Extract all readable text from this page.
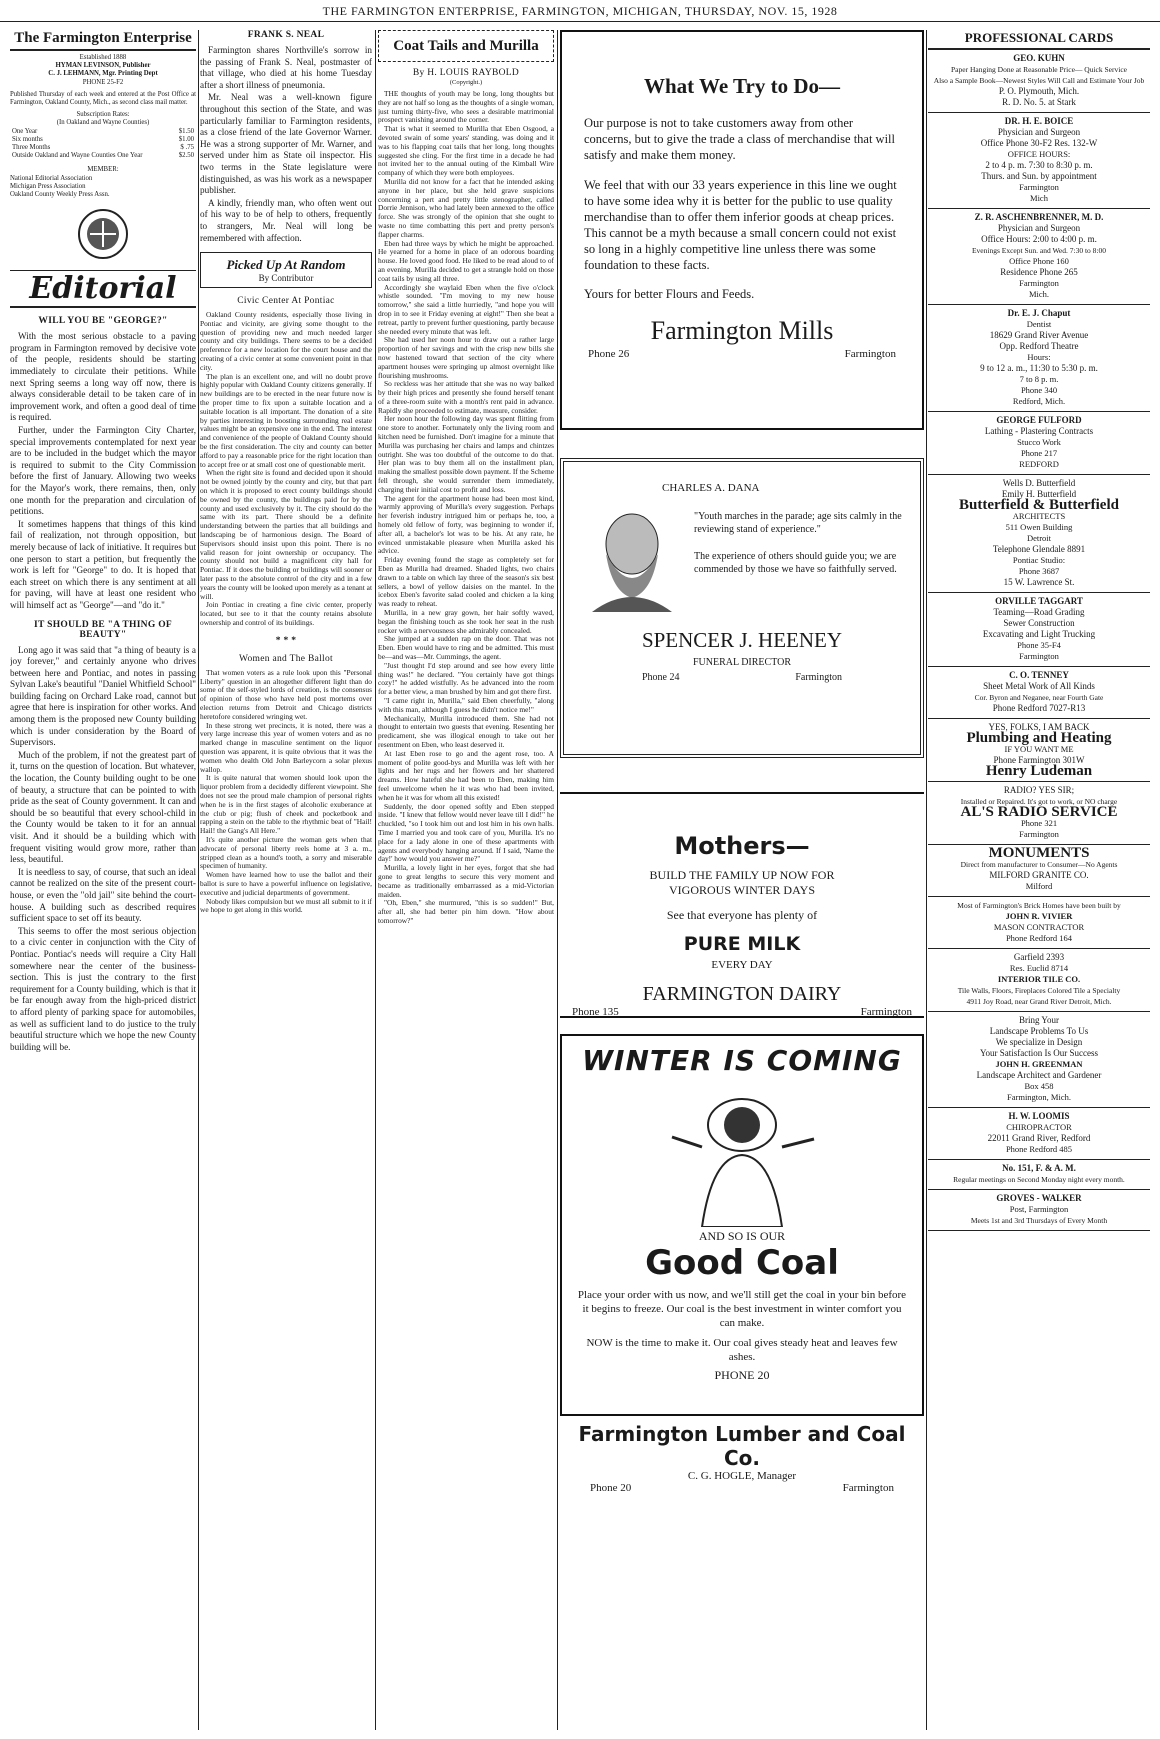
THE FARMINGTON ENTERPRISE, FARMINGTON, MICHIGAN, THURSDAY, NOV. 15, 1928
The Farmington Enterprise
Established 1888
HYMAN LEVINSON, Publisher
C. J. LEHMANN, Mgr. Printing Dept
PHONE 25-F2
Published Thursday of each week and entered at the Post Office at Farmington, Oakland County, Mich., as second class mail matter.
Subscription Rates:
(In Oakland and Wayne Counties)
One Year	$1.50
Six months	$1.00
Three Months	$ .75
Outside Oakland and Wayne Counties One Year	$2.50
MEMBER:
National Editorial Association
Michigan Press Association
Oakland County Weekly Press Assn.
Editorial
WILL YOU BE "GEORGE?"
With the most serious obstacle to a paving program in Farmington removed by decisive vote of the people, residents should be starting immediately to circulate their petitions. While next Spring seems a long way off now, there is always considerable detail to be taken care of in improvement work, and often a good deal of time is required.
Further, under the Farmington City Charter, special improvements contemplated for next year are to be included in the budget which the mayor is required to submit to the City Commission before the first of January. Allowing two weeks for the Mayor's work, there remains, then, only one month for the preparation and circulation of petitions.
It sometimes happens that things of this kind fail of realization, not through opposition, but merely because of lack of initiative. It requires but one person to start a petition, but frequently the work is left for "George" to do. It is hoped that each street on which there is any sentiment at all for paving, will have at least one resident who will himself act as "George"—and "do it."
IT SHOULD BE "A THING OF BEAUTY"
Long ago it was said that "a thing of beauty is a joy forever," and certainly anyone who drives between here and Pontiac, and notes in passing Sylvan Lake's beautiful "Daniel Whitfield School" building facing on Orchard Lake road, cannot but agree that here is inspiration for other works. And among them is the proposed new County building which is under consideration by the Board of Supervisors.
Much of the problem, if not the greatest part of it, turns on the question of location. But whatever, the location, the County building ought to be one of beauty, a structure that can be pointed to with pride as the seat of County government. It can and should be so beautiful that every school-child in the County would be taken to it for an annual visit. And it should be a building which with frequent visiting would grow more, rather than less, beautiful.
It is needless to say, of course, that such an ideal cannot be realized on the site of the present court-house, or even the "old jail" site behind the court-house. A building such as described requires sufficient space to set off its beauty.
This seems to offer the most serious objection to a civic center in conjunction with the City of Pontiac. Pontiac's needs will require a City Hall somewhere near the center of the business-section. This is just the contrary to the first requirement for a County building, which is that it be far enough away from the high-priced district to afford plenty of parking space for automobiles, as well as sufficient land to do justice to the truly beautiful structure which we hope the new County building will be.
FRANK S. NEAL
Farmington shares Northville's sorrow in the passing of Frank S. Neal, postmaster of that village, who died at his home Tuesday after a short illness of pneumonia.
Mr. Neal was a well-known figure throughout this section of the State, and was particularly familiar to Farmington residents, as a close friend of the late Governor Warner. He was a strong supporter of Mr. Warner, and served under him as State oil inspector. His two terms in the State legislature were distinguished, as was his work as a newspaper publisher.
A kindly, friendly man, who often went out of his way to be of help to others, frequently to strangers, Mr. Neal will long be remembered with affection.
Picked Up At Random
By Contributor
Civic Center At Pontiac
Oakland County residents, especially those living in Pontiac and vicinity, are giving some thought to the question of providing new and much needed larger county and city buildings. There seems to be a decided preference for a new location for the court house and the creating of a civic center at some convenient point in that city.
The plan is an excellent one, and will no doubt prove highly popular with Oakland County citizens generally. If new buildings are to be erected in the near future now is the proper time to fix upon a suitable location and a suitable location is all important. The donation of a site by parties interesting in boosting surrounding real estate values might be an expensive one in the end. The interest and convenience of the people of Oakland County should be the first consideration. The city and county can better afford to pay a reasonable price for the right location than to accept free or at small cost one of questionable merit.
When the right site is found and decided upon it should not be owned jointly by the county and city, but that part on which it is proposed to erect county buildings should be owned by the county, the buildings paid for by the county and used exclusively by it. The city should do the same with its part. There should be a definite understanding between the parties that all buildings and landscaping be of harmonious design. The Board of Supervisors should insist upon this point. There is no valid reason for joint ownership or occupancy. The county should not build a magnificent city hall for Pontiac. If it does the building or buildings will sooner or later pass to the absolute control of the city and in a few years the county will be looked upon merely as a tenant at will.
Join Pontiac in creating a fine civic center, properly located, but see to it that the county retains absolute ownership and control of its buildings.
* * *
Women and The Ballot
That women voters as a rule look upon this "Personal Liberty" question in an altogether different light than do some of the self-styled lords of creation, is the consensus of opinion of those who have held post mortems over election returns from Detroit and Chicago districts heretofore considered wringing wet.
In these strong wet precincts, it is noted, there was a very large increase this year of women voters and as no marked change in masculine sentiment on the liquor question was apparent, it is quite obvious that it was the women who dealth Old John Barleycorn a solar plexus wallop.
It is quite natural that women should look upon the liquor problem from a decidedly different viewpoint. She does not see the proud male champion of personal rights when he is in the first stages of alcoholic exuberance at the club or pig; flush of cheek and pocketbook and rapping a stein on the table to the rhythmic beat of "Hail! Hail! the Gang's All Here."
It's quite another picture the woman gets when that advocate of personal liberty reels home at 3 a. m., stripped clean as a hound's tooth, a sorry and miserable specimen of humanity.
Women have learned how to use the ballot and their ballot is sure to have a powerful influence on legislative, executive and judicial departments of government.
Nobody likes compulsion but we must all submit to it if we hope to get along in this world.
Coat Tails and Murilla
By H. LOUIS RAYBOLD
(Copyright.)
THE thoughts of youth may be long, long thoughts but they are not half so long as the thoughts of a single woman, just turning thirty-five, who sees a desirable matrimonial prospect vanishing around the corner.
That is what it seemed to Murilla that Eben Osgood, a devoted swain of some years' standing, was doing and it was to his flapping coat tails that her long, long thoughts suggested she cling. For the first time in a decade he had not invited her to the annual outing of the Kimball Wire company of which they were both employees.
Murilla did not know for a fact that he intended asking anyone in her place, but she held grave suspicions concerning a pert and pretty little stenographer, called Dorrie Jennison, who had lately been annexed to the office force. She was strongly of the opinion that she ought to waste no time combatting this pert and pretty person's flapper charms.
Eben had three ways by which he might be approached. He yearned for a home in place of an odorous boarding house. He loved good food. He liked to be read aloud to of an evening. Murilla decided to get a strangle hold on those coat tails by using all three.
Accordingly she waylaid Eben when the five o'clock whistle sounded. "I'm moving to my new house tomorrow," she said a little hurriedly, "and hope you will drop in to see it Friday evening at eight!" Then she beat a retreat, partly to prevent further questioning, partly because she needed every minute that was left.
She had used her noon hour to draw out a rather large proportion of her savings and with the crisp new bills she now hastened toward that section of the city where apartment houses were springing up almost overnight like flourishing mushrooms.
So reckless was her attitude that she was no way balked by their high prices and presently she found herself tenant of a three-room suite with a month's rent paid in advance. Rapidly she proceeded to estimate, measure, consider.
Her noon hour the following day was spent flitting from one store to another. Fortunately only the living room and kitchen need be furnished. Don't imagine for a minute that Murilla was purchasing her chairs and lamps and chintzes outright. She was too doubtful of the outcome to do that. Her plan was to buy them all on the installment plan, making the smallest possible down payment. If the Scheme fell through, she would surrender them immediately, charging their initial cost to profit and loss.
The agent for the apartment house had been most kind, warmly approving of Murilla's every suggestion. Perhaps her feverish industry intrigued him or perhaps he, too, a homely old fellow of forty, was beginning to wonder if, after all, a bachelor's lot was to be his. At any rate, he evinced unmistakable pleasure when Murilla asked his advice.
Friday evening found the stage as completely set for Eben as Murilla had dreamed. Shaded lights, two chairs drawn to a table on which lay three of the season's six best sellers, a bowl of yellow daisies on the mantel. In the icebox Eben's favorite salad cooled and chicken a la king was ready to reheat.
Murilla, in a new gray gown, her hair softly waved, began the finishing touch as she took her seat in the rush rocker with a nervousness she admirably concealed.
She jumped at a sudden rap on the door. That was not Eben. Eben would have to ring and be admitted. This must be—and was—Mr. Cummings, the agent.
"Just thought I'd step around and see how every little thing was!" he declared. "You certainly have got things cozy!" he added wistfully. As he advanced into the room for a better view, a man brushed by him and got there first.
"I came right in, Murilla," said Eben cheerfully, "along with this man, although I guess he didn't notice me!"
Mechanically, Murilla introduced them. She had not thought to entertain two guests that evening. Resenting her predicament, she was illogical enough to take out her resentment on Eben, who least deserved it.
At last Eben rose to go and the agent rose, too. A moment of polite good-bys and Murilla was left with her lights and her rugs and her flowers and her shattered dreams. How hateful she had been to Eben, making him feel unwelcome when he it was who had been invited, when he it was for whom all this existed!
Suddenly, the door opened softly and Eben stepped inside. "I knew that fellow would never leave till I did!" he chuckled, "so I took him out and lost him in his own halls. Time I married you and took care of you, Murilla. It's no place for a lady alone in one of these apartments with agents and everybody hanging around. If I said, 'Name the day!' how would you answer me?"
Murilla, a lovely light in her eyes, forgot that she had gone to great lengths to secure this very moment and became as traditionally embarrassed as a mid-Victorian maiden.
"Oh, Eben," she murmured, "this is so sudden!" But, after all, she had better pin him down. "How about tomorrow?"
What We Try to Do—
Our purpose is not to take customers away from other concerns, but to give the trade a class of merchandise that will satisfy and make them money.
We feel that with our 33 years experience in this line we ought to have some idea why it is better for the public to use quality merchandise than to offer them inferior goods at cheap prices. This cannot be a myth because a small concern could not exist so long in a highly competitive line unless there was some foundation to these facts.
Yours for better Flours and Feeds.
Farmington Mills
Phone 26	Farmington
CHARLES A. DANA
"Youth marches in the parade; age sits calmly in the reviewing stand of experience."
The experience of others should guide you; we are commended by those we have so faithfully served.
SPENCER J. HEENEY
FUNERAL DIRECTOR
Phone 24	Farmington
Mothers—
BUILD THE FAMILY UP NOW FOR
VIGOROUS WINTER DAYS
See that everyone has plenty of
PURE MILK
EVERY DAY
FARMINGTON DAIRY
Phone 135	Farmington
WINTER IS COMING
AND SO IS OUR
Good Coal
Place your order with us now, and we'll still get the coal in your bin before it begins to freeze. Our coal is the best investment in winter comfort you can make.
NOW is the time to make it. Our coal gives steady heat and leaves few ashes.
PHONE 20
Farmington Lumber and Coal Co.
C. G. HOGLE, Manager
Phone 20	Farmington
PROFESSIONAL CARDS
GEO. KUHN
Paper Hanging Done at Reasonable Price— Quick Service
Also a Sample Book—Newest Styles Will Call and Estimate Your Job
P. O. Plymouth, Mich.
R. D. No. 5. at Stark
DR. H. E. BOICE
Physician and Surgeon
Office Phone 30-F2 Res. 132-W
OFFICE HOURS:
2 to 4 p. m. 7:30 to 8:30 p. m.
Thurs. and Sun. by appointment
Farmington
Mich
Z. R. ASCHENBRENNER, M. D.
Physician and Surgeon
Office Hours: 2:00 to 4:00 p. m.
Evenings Except Sun. and Wed. 7:30 to 8:00
Office Phone 160
Residence Phone 265
Farmington
Mich.
Dr. E. J. Chaput
Dentist
18629 Grand River Avenue
Opp. Redford Theatre
Hours:
9 to 12 a. m., 11:30 to 5:30 p. m.
7 to 8 p. m.
Phone 340
Redford, Mich.
GEORGE FULFORD
Lathing - Plastering Contracts
Stucco Work
Phone 217
REDFORD
Wells D. Butterfield
Emily H. Butterfield
Butterfield & Butterfield
ARCHITECTS
511 Owen Building
Detroit
Telephone Glendale 8891
Pontiac Studio:
Phone 3687
15 W. Lawrence St.
ORVILLE TAGGART
Teaming—Road Grading
Sewer Construction
Excavating and Light Trucking
Phone 35-F4
Farmington
C. O. TENNEY
Sheet Metal Work of All Kinds
Cor. Byron and Neganee, near Fourth Gate
Phone Redford 7027-R13
YES, FOLKS, I AM BACK
Plumbing and Heating
IF YOU WANT ME
Phone Farmington 301W
Henry Ludeman
RADIO? YES SIR;
Installed or Repaired. It's got to work, or NO charge
AL'S RADIO SERVICE
Phone 321
Farmington
MONUMENTS
Direct from manufacturer to Consumer—No Agents
MILFORD GRANITE CO.
Milford
Most of Farmington's Brick Homes have been built by
JOHN R. VIVIER
MASON CONTRACTOR
Phone Redford 164
Garfield 2393
Res. Euclid 8714
INTERIOR TILE CO.
Tile Walls, Floors, Fireplaces Colored Tile a Specialty
4911 Joy Road, near Grand River Detroit, Mich.
Bring Your
Landscape Problems To Us
We specialize in Design
Your Satisfaction Is Our Success
JOHN H. GREENMAN
Landscape Architect and Gardener
Box 458
Farmington, Mich.
H. W. LOOMIS
CHIROPRACTOR
22011 Grand River, Redford
Phone Redford 485
No. 151, F. & A. M.
Regular meetings on Second Monday night every month.
GROVES - WALKER
Post, Farmington
Meets 1st and 3rd Thursdays of Every Month
